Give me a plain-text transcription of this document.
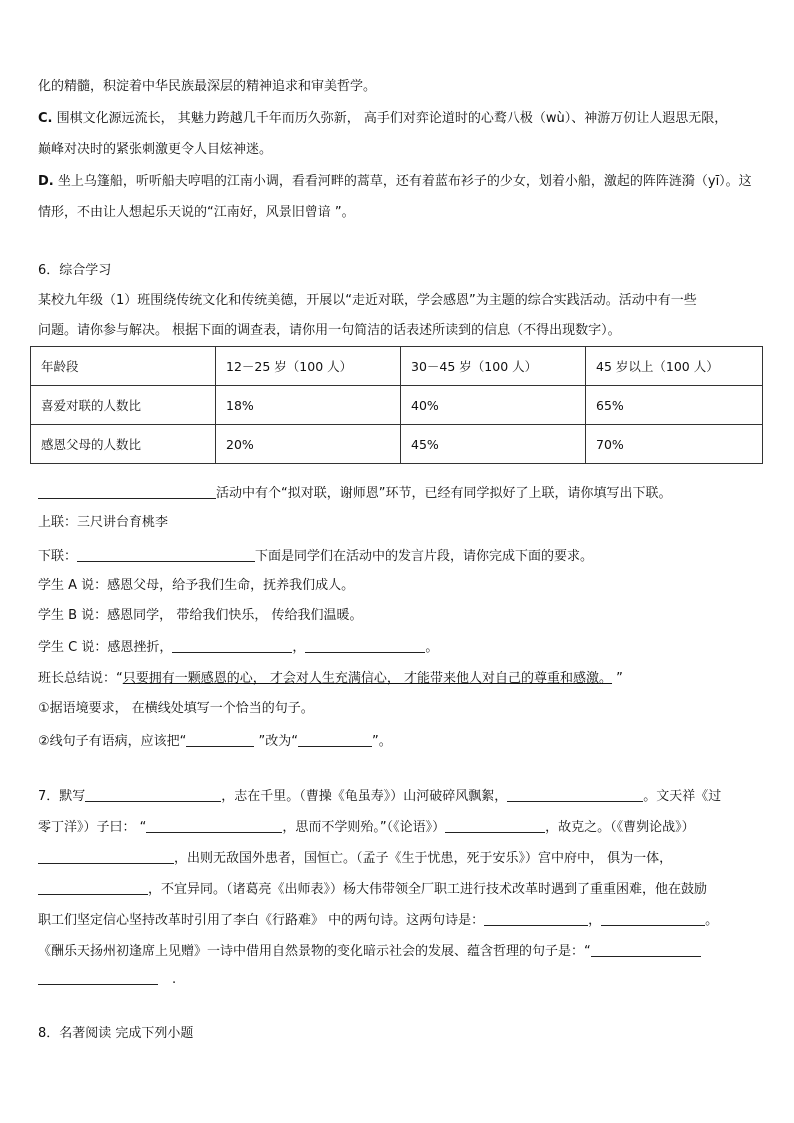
化的精髓，积淀着中华民族最深层的精神追求和审美哲学。
C. 围棋文化源远流长， 其魅力跨越几千年而历久弥新， 高手们对弈论道时的心鹜八极（wù）、神游万仞让人遐思无限，
巅峰对决时的紧张刺激更令人目炫神迷。
D. 坐上乌篷船，听听船夫哼唱的江南小调，看看河畔的蒿草，还有着蓝布衫子的少女，划着小船，激起的阵阵涟漪（yī）。这
情形，不由让人想起乐天说的“江南好，风景旧曾谙 ”。
6．综合学习
某校九年级（1）班围绕传统文化和传统美德，开展以“走近对联，学会感恩”为主题的综合实践活动。活动中有一些
问题。请你参与解决。 根据下面的调查表，请你用一句简洁的话表述所读到的信息（不得出现数字）。
年龄段	12－25 岁（100 人）	30－45 岁（100 人）	45 岁以上（100 人）
喜爱对联的人数比	18%	40%	65%
感恩父母的人数比	20%	45%	70%
活动中有个“拟对联，谢师恩”环节，已经有同学拟好了上联，请你填写出下联。
上联：三尺讲台育桃李
下联：	下面是同学们在活动中的发言片段，请你完成下面的要求。
学生 A 说：感恩父母，给予我们生命，抚养我们成人。
学生 B 说：感恩同学， 带给我们快乐， 传给我们温暖。
学生 C 说：感恩挫折，	，	。
班长总结说：“只要拥有一颗感恩的心， 才会对人生充满信心， 才能带来他人对自己的尊重和感激。 ”
①据语境要求， 在横线处填写一个恰当的句子。
②线句子有语病，应该把“	”改为“	”。
7．默写	，志在千里。（曹操《龟虽寿》）山河破碎风飘絮，	。文天祥《过
零丁洋》）子曰： “	，思而不学则殆。”（《论语》）	，故克之。（《曹刿论战》）
，出则无敌国外患者，国恒亡。（孟子《生于忧患，死于安乐》）宫中府中， 俱为一体，
，不宜异同。（诸葛亮《出师表》）杨大伟带领全厂职工进行技术改革时遇到了重重困难，他在鼓励
职工们坚定信心坚持改革时引用了李白《行路难》 中的两句诗。这两句诗是：	，	。
《酬乐天扬州初逢席上见赠》一诗中借用自然景物的变化暗示社会的发展、蕴含哲理的句子是：“
.
8．名著阅读 完成下列小题
